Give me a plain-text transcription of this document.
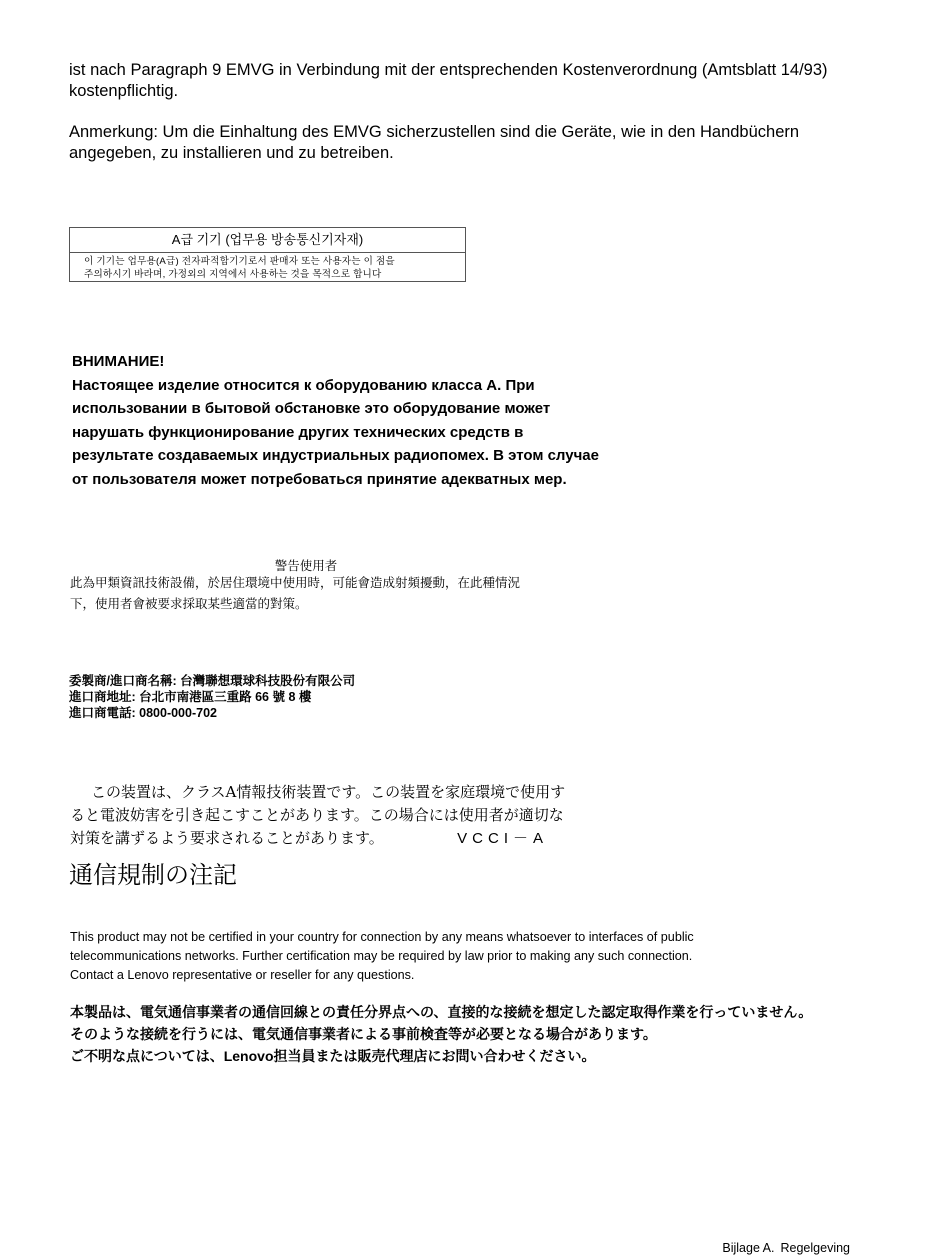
ist nach Paragraph 9 EMVG in Verbindung mit der entsprechenden Kostenverordnung (Amtsblatt 14/93)
kostenpflichtig.
Anmerkung: Um die Einhaltung des EMVG sicherzustellen sind die Geräte, wie in den Handbüchern
angegeben, zu installieren und zu betreiben.
A급 기기 (업무용 방송통신기자재)
이 기기는 업무용(A급) 전자파적합기기로서 판매자 또는 사용자는 이 점을
주의하시기 바라며, 가정외의 지역에서 사용하는 것을 목적으로 합니다
ВНИМАНИЕ!
Настоящее изделие относится к оборудованию класса А. При
использовании в бытовой обстановке это оборудование может
нарушать функционирование других технических средств в
результате создаваемых индустриальных радиопомех. В этом случае
от пользователя может потребоваться принятие адекватных мер.
警告使用者
此為甲類資訊技術設備，於居住環境中使用時，可能會造成射頻擾動，在此種情況
下，使用者會被要求採取某些適當的對策。
委製商/進口商名稱: 台灣聯想環球科技股份有限公司
進口商地址: 台北市南港區三重路 66 號 8 樓
進口商電話: 0800-000-702
この装置は、クラスA情報技術装置です。この装置を家庭環境で使用す
ると電波妨害を引き起こすことがあります。この場合には使用者が適切な
対策を講ずるよう要求されることがあります。	VCCI－A
通信規制の注記
This product may not be certified in your country for connection by any means whatsoever to interfaces of public
telecommunications networks. Further certification may be required by law prior to making any such connection.
Contact a Lenovo representative or reseller for any questions.
本製品は、電気通信事業者の通信回線との責任分界点への、直接的な接続を想定した認定取得作業を行っていません。
そのような接続を行うには、電気通信事業者による事前検査等が必要となる場合があります。
ご不明な点については、Lenovo担当員または販売代理店にお問い合わせください。
Bijlage A. Regelgeving
